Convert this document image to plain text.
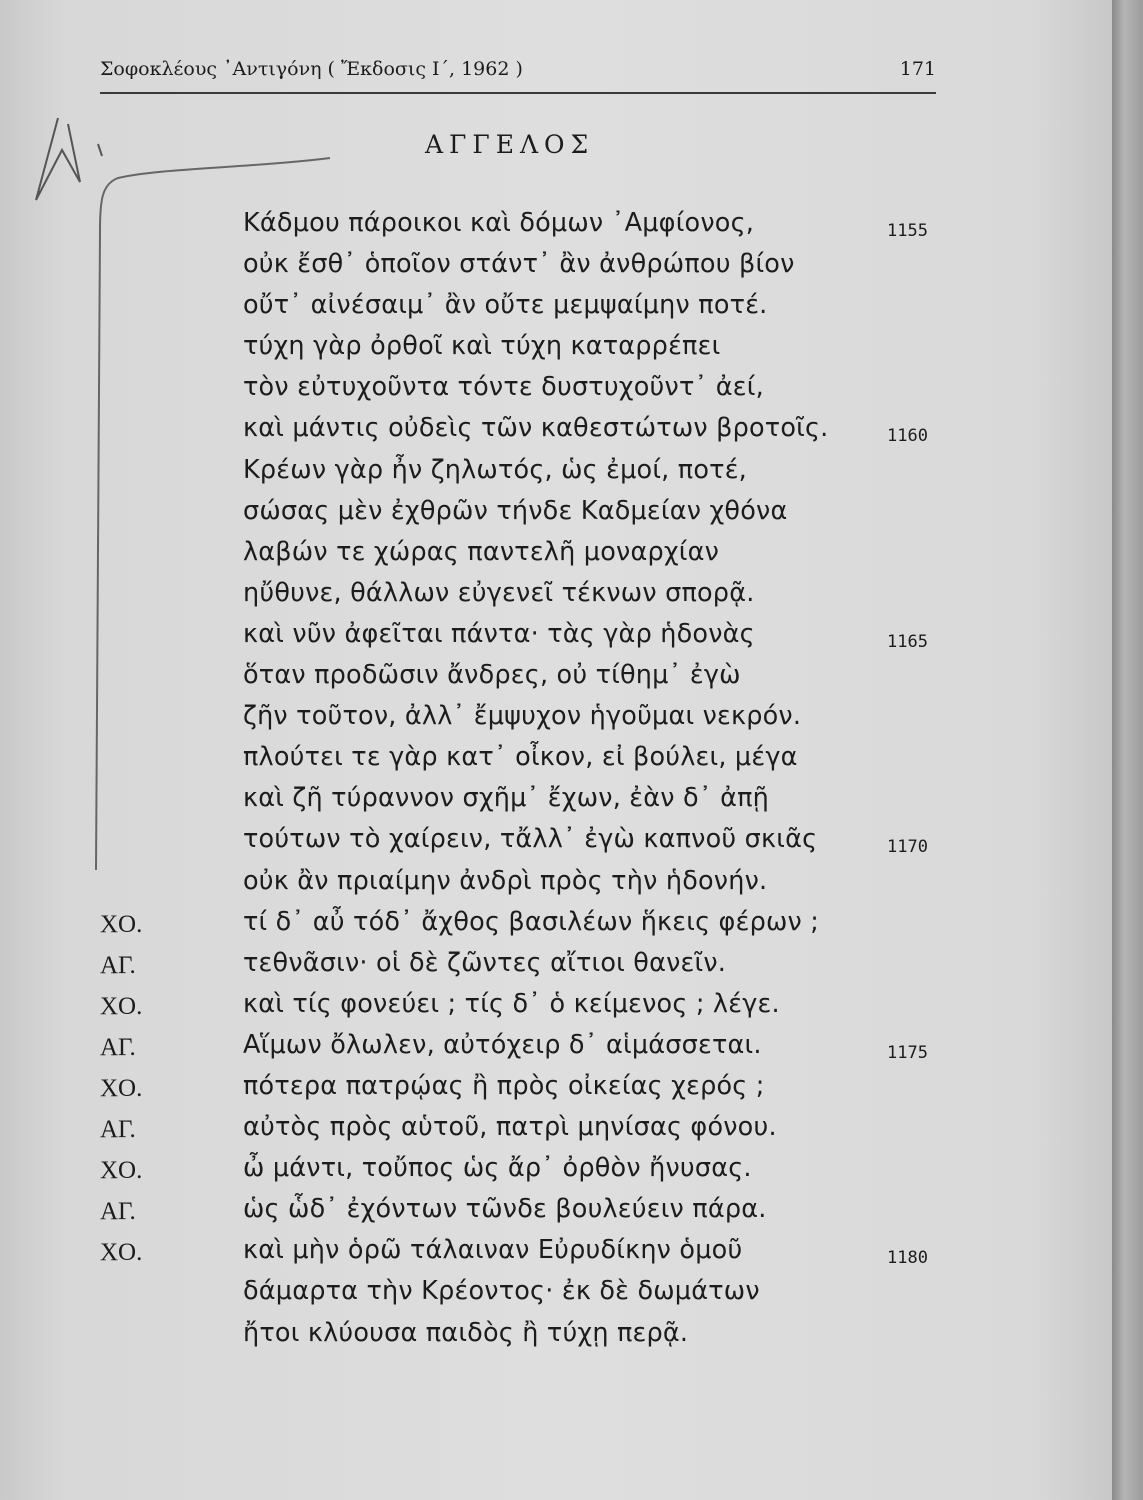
Σοφοκλέους ᾿Αντιγόνη ( Ἔκδοσις Ι΄, 1962 )	171
ΑΓΓΕΛΟΣ
Κάδμου πάροικοι καὶ δόμων ᾿Αμφίονος,	1155
οὐκ ἔσθ᾿ ὁποῖον στάντ᾿ ἂν ἀνθρώπου βίον
οὔτ᾿ αἰνέσαιμ᾿ ἂν οὔτε μεμψαίμην ποτέ.
τύχη γὰρ ὀρθοῖ καὶ τύχη καταρρέπει
τὸν εὐτυχοῦντα τόντε δυστυχοῦντ᾿ ἀεί,
καὶ μάντις οὐδεὶς τῶν καθεστώτων βροτοῖς.	1160
Κρέων γὰρ ἦν ζηλωτός, ὡς ἐμοί, ποτέ,
σώσας μὲν ἐχθρῶν τήνδε Καδμείαν χθόνα
λαβών τε χώρας παντελῆ μοναρχίαν
ηὔθυνε, θάλλων εὐγενεῖ τέκνων σπορᾷ.
καὶ νῦν ἀφεῖται πάντα· τὰς γὰρ ἡδονὰς	1165
ὅταν προδῶσιν ἄνδρες, οὐ τίθημ᾿ ἐγὼ
ζῆν τοῦτον, ἀλλ᾿ ἔμψυχον ἡγοῦμαι νεκρόν.
πλούτει τε γὰρ κατ᾿ οἶκον, εἰ βούλει, μέγα
καὶ ζῆ τύραννον σχῆμ᾿ ἔχων, ἐὰν δ᾿ ἀπῇ
τούτων τὸ χαίρειν, τἄλλ᾿ ἐγὼ καπνοῦ σκιᾶς	1170
οὐκ ἂν πριαίμην ἀνδρὶ πρὸς τὴν ἡδονήν.
ΧΟ.	τί δ᾿ αὖ τόδ᾿ ἄχθος βασιλέων ἥκεις φέρων ;
ΑΓ.	τεθνᾶσιν· οἱ δὲ ζῶντες αἴτιοι θανεῖν.
ΧΟ.	καὶ τίς φονεύει ; τίς δ᾿ ὁ κείμενος ; λέγε.
ΑΓ.	Αἵμων ὄλωλεν, αὐτόχειρ δ᾿ αἱμάσσεται.	1175
ΧΟ.	πότερα πατρῴας ἢ πρὸς οἰκείας χερός ;
ΑΓ.	αὐτὸς πρὸς αὑτοῦ, πατρὶ μηνίσας φόνου.
ΧΟ.	ὦ μάντι, τοὔπος ὡς ἄρ᾿ ὀρθὸν ἤνυσας.
ΑΓ.	ὡς ὧδ᾿ ἐχόντων τῶνδε βουλεύειν πάρα.
ΧΟ.	καὶ μὴν ὁρῶ τάλαιναν Εὐρυδίκην ὁμοῦ	1180
δάμαρτα τὴν Κρέοντος· ἐκ δὲ δωμάτων
ἤτοι κλύουσα παιδὸς ἢ τύχῃ περᾷ.
